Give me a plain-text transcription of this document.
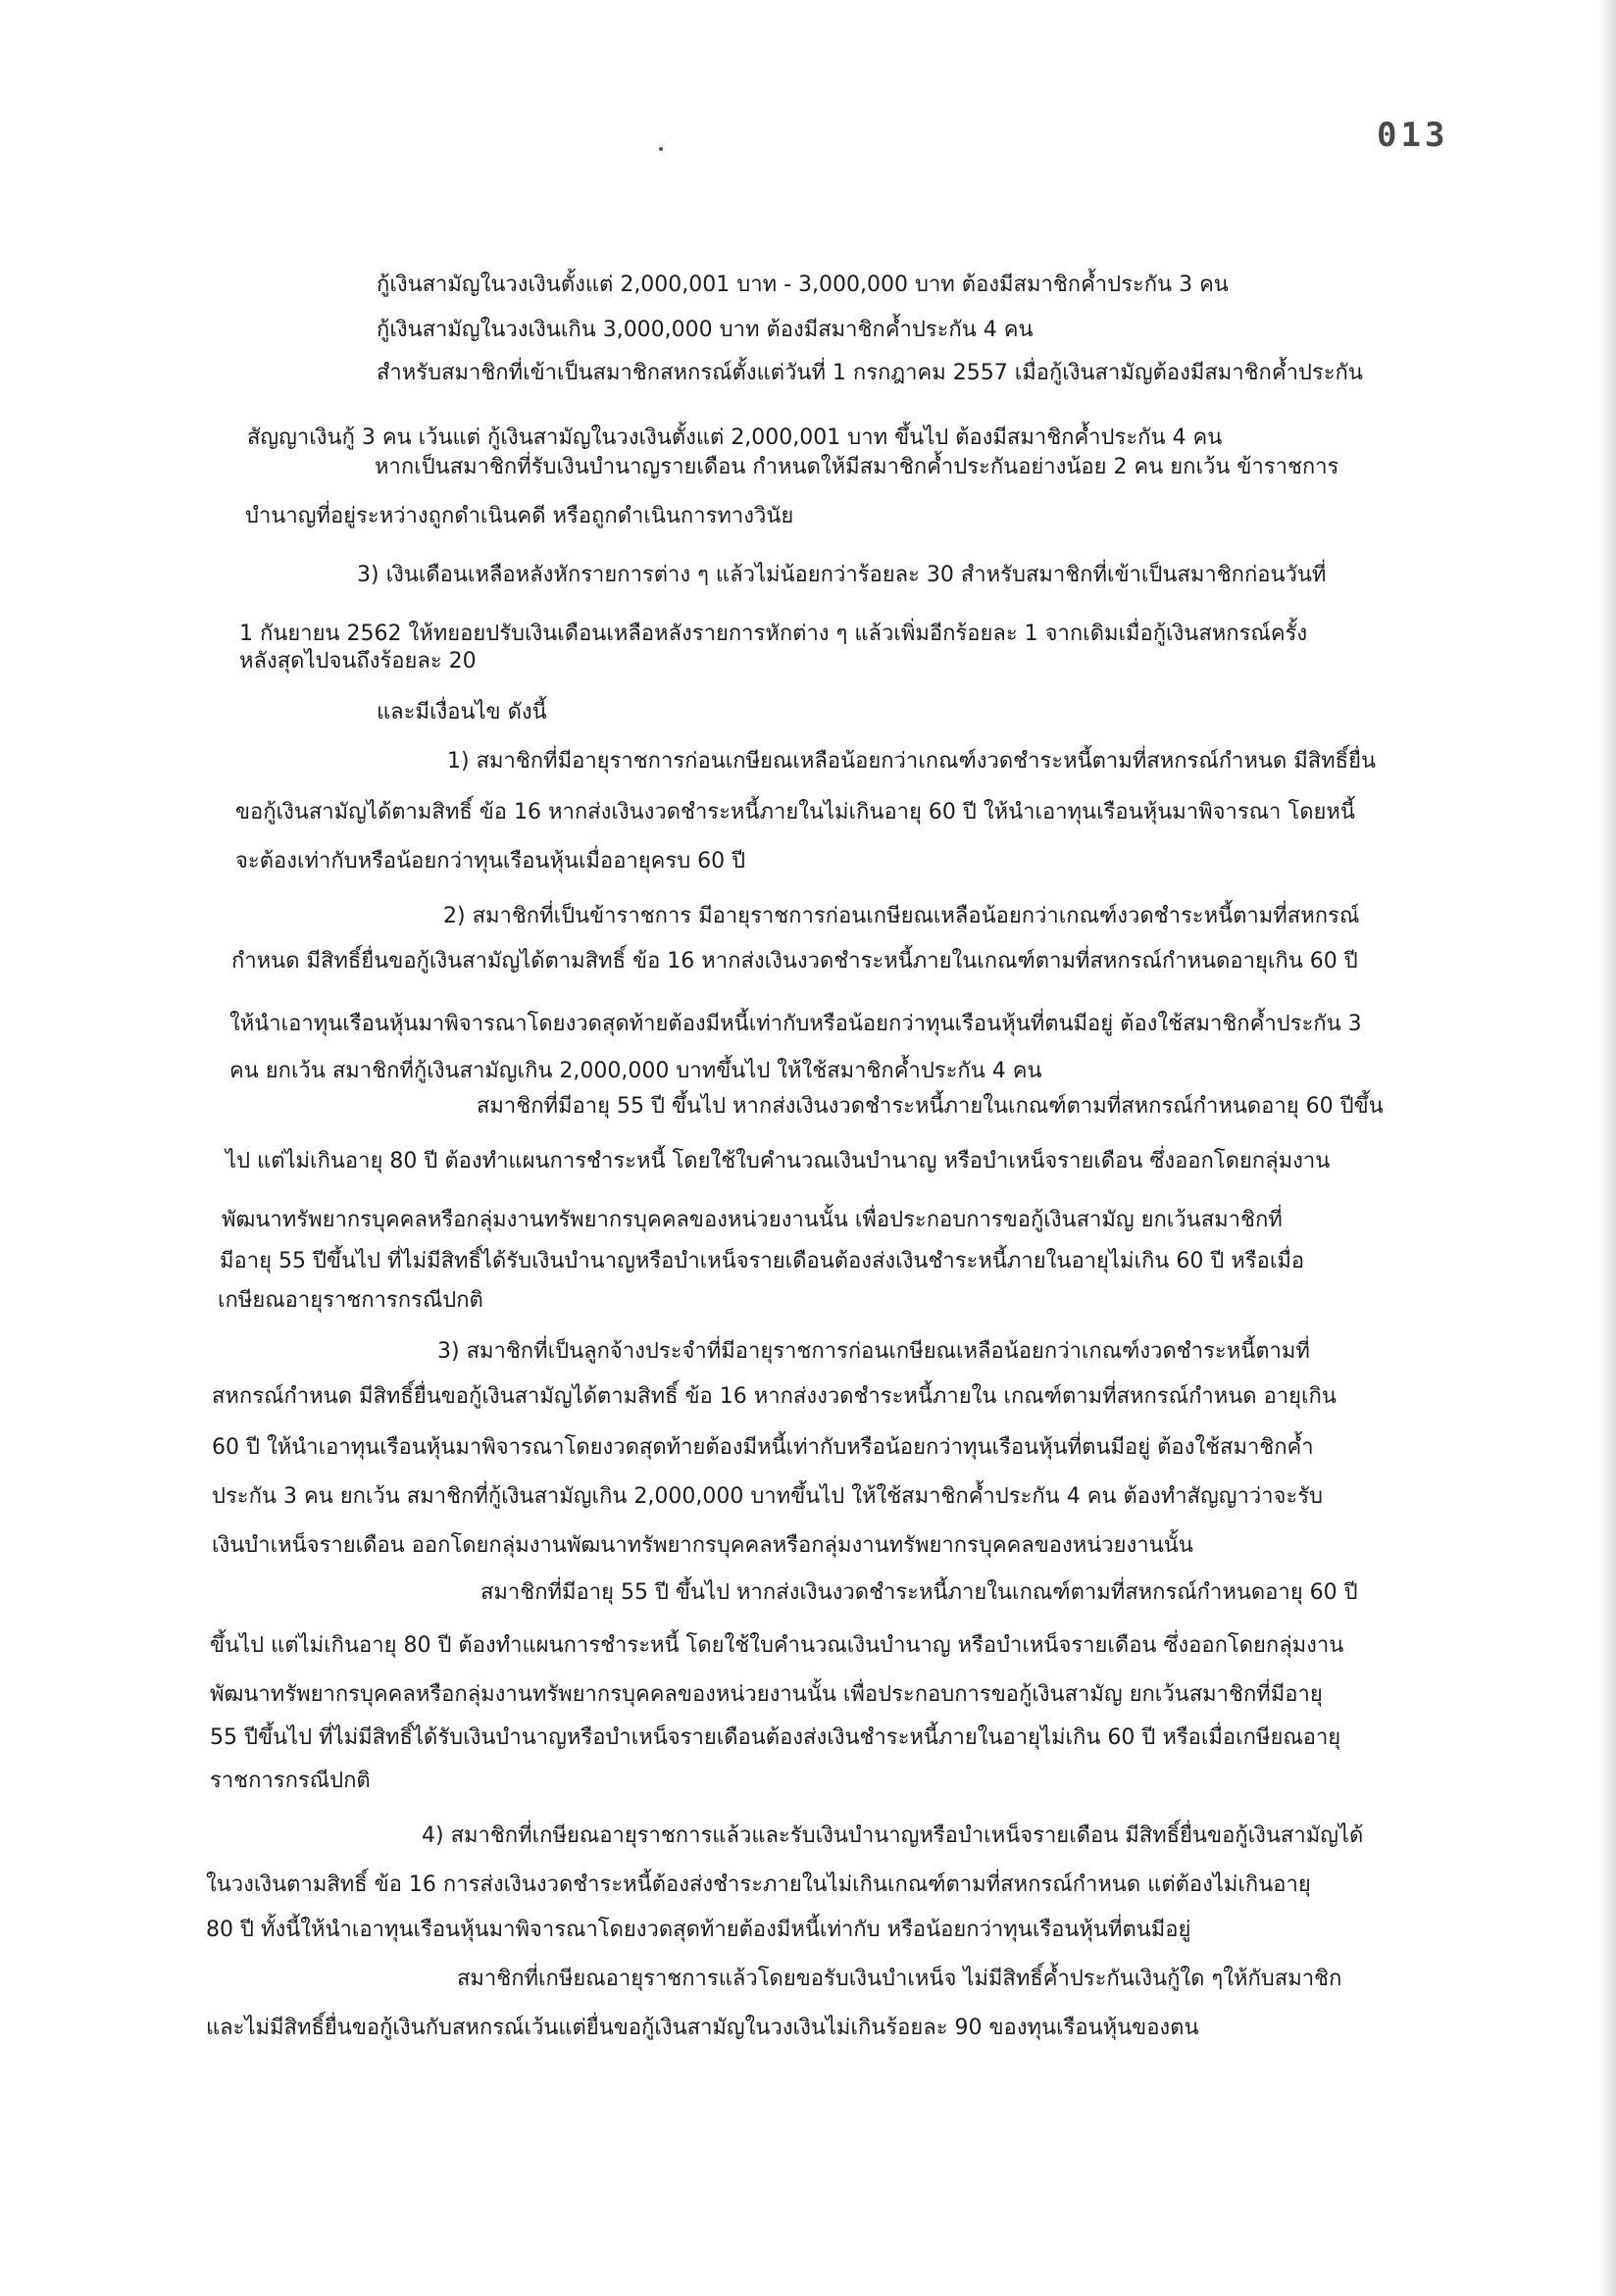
013
กู้เงินสามัญในวงเงินตั้งแต่ 2,000,001 บาท - 3,000,000 บาท ต้องมีสมาชิกค้ำประกัน 3 คน
กู้เงินสามัญในวงเงินเกิน 3,000,000 บาท ต้องมีสมาชิกค้ำประกัน 4 คน
สำหรับสมาชิกที่เข้าเป็นสมาชิกสหกรณ์ตั้งแต่วันที่ 1 กรกฎาคม 2557 เมื่อกู้เงินสามัญต้องมีสมาชิกค้ำประกัน
สัญญาเงินกู้ 3 คน เว้นแต่ กู้เงินสามัญในวงเงินตั้งแต่ 2,000,001 บาท ขึ้นไป ต้องมีสมาชิกค้ำประกัน 4 คน
หากเป็นสมาชิกที่รับเงินบำนาญรายเดือน กำหนดให้มีสมาชิกค้ำประกันอย่างน้อย 2 คน ยกเว้น ข้าราชการ
บำนาญที่อยู่ระหว่างถูกดำเนินคดี หรือถูกดำเนินการทางวินัย
3) เงินเดือนเหลือหลังหักรายการต่าง ๆ แล้วไม่น้อยกว่าร้อยละ 30 สำหรับสมาชิกที่เข้าเป็นสมาชิกก่อนวันที่
1 กันยายน 2562 ให้ทยอยปรับเงินเดือนเหลือหลังรายการหักต่าง ๆ แล้วเพิ่มอีกร้อยละ 1 จากเดิมเมื่อกู้เงินสหกรณ์ครั้ง
หลังสุดไปจนถึงร้อยละ 20
และมีเงื่อนไข ดังนี้
1) สมาชิกที่มีอายุราชการก่อนเกษียณเหลือน้อยกว่าเกณฑ์งวดชำระหนี้ตามที่สหกรณ์กำหนด มีสิทธิ์ยื่น
ขอกู้เงินสามัญได้ตามสิทธิ์ ข้อ 16 หากส่งเงินงวดชำระหนี้ภายในไม่เกินอายุ 60 ปี ให้นำเอาทุนเรือนหุ้นมาพิจารณา โดยหนี้
จะต้องเท่ากับหรือน้อยกว่าทุนเรือนหุ้นเมื่ออายุครบ 60 ปี
2) สมาชิกที่เป็นข้าราชการ มีอายุราชการก่อนเกษียณเหลือน้อยกว่าเกณฑ์งวดชำระหนี้ตามที่สหกรณ์
กำหนด มีสิทธิ์ยื่นขอกู้เงินสามัญได้ตามสิทธิ์ ข้อ 16 หากส่งเงินงวดชำระหนี้ภายในเกณฑ์ตามที่สหกรณ์กำหนดอายุเกิน 60 ปี
ให้นำเอาทุนเรือนหุ้นมาพิจารณาโดยงวดสุดท้ายต้องมีหนี้เท่ากับหรือน้อยกว่าทุนเรือนหุ้นที่ตนมีอยู่ ต้องใช้สมาชิกค้ำประกัน 3
คน ยกเว้น สมาชิกที่กู้เงินสามัญเกิน 2,000,000 บาทขึ้นไป ให้ใช้สมาชิกค้ำประกัน 4 คน
สมาชิกที่มีอายุ 55 ปี ขึ้นไป หากส่งเงินงวดชำระหนี้ภายในเกณฑ์ตามที่สหกรณ์กำหนดอายุ 60 ปีขึ้น
ไป แต่ไม่เกินอายุ 80 ปี ต้องทำแผนการชำระหนี้ โดยใช้ใบคำนวณเงินบำนาญ หรือบำเหน็จรายเดือน ซึ่งออกโดยกลุ่มงาน
พัฒนาทรัพยากรบุคคลหรือกลุ่มงานทรัพยากรบุคคลของหน่วยงานนั้น เพื่อประกอบการขอกู้เงินสามัญ ยกเว้นสมาชิกที่
มีอายุ 55 ปีขึ้นไป ที่ไม่มีสิทธิ์ได้รับเงินบำนาญหรือบำเหน็จรายเดือนต้องส่งเงินชำระหนี้ภายในอายุไม่เกิน 60 ปี หรือเมื่อ
เกษียณอายุราชการกรณีปกติ
3) สมาชิกที่เป็นลูกจ้างประจำที่มีอายุราชการก่อนเกษียณเหลือน้อยกว่าเกณฑ์งวดชำระหนี้ตามที่
สหกรณ์กำหนด มีสิทธิ์ยื่นขอกู้เงินสามัญได้ตามสิทธิ์ ข้อ 16 หากส่งงวดชำระหนี้ภายใน เกณฑ์ตามที่สหกรณ์กำหนด อายุเกิน
60 ปี ให้นำเอาทุนเรือนหุ้นมาพิจารณาโดยงวดสุดท้ายต้องมีหนี้เท่ากับหรือน้อยกว่าทุนเรือนหุ้นที่ตนมีอยู่ ต้องใช้สมาชิกค้ำ
ประกัน 3 คน ยกเว้น สมาชิกที่กู้เงินสามัญเกิน 2,000,000 บาทขึ้นไป ให้ใช้สมาชิกค้ำประกัน 4 คน ต้องทำสัญญาว่าจะรับ
เงินบำเหน็จรายเดือน ออกโดยกลุ่มงานพัฒนาทรัพยากรบุคคลหรือกลุ่มงานทรัพยากรบุคคลของหน่วยงานนั้น
สมาชิกที่มีอายุ 55 ปี ขึ้นไป หากส่งเงินงวดชำระหนี้ภายในเกณฑ์ตามที่สหกรณ์กำหนดอายุ 60 ปี
ขึ้นไป แต่ไม่เกินอายุ 80 ปี ต้องทำแผนการชำระหนี้ โดยใช้ใบคำนวณเงินบำนาญ หรือบำเหน็จรายเดือน ซึ่งออกโดยกลุ่มงาน
พัฒนาทรัพยากรบุคคลหรือกลุ่มงานทรัพยากรบุคคลของหน่วยงานนั้น เพื่อประกอบการขอกู้เงินสามัญ ยกเว้นสมาชิกที่มีอายุ
55 ปีขึ้นไป ที่ไม่มีสิทธิ์ได้รับเงินบำนาญหรือบำเหน็จรายเดือนต้องส่งเงินชำระหนี้ภายในอายุไม่เกิน 60 ปี หรือเมื่อเกษียณอายุ
ราชการกรณีปกติ
4) สมาชิกที่เกษียณอายุราชการแล้วและรับเงินบำนาญหรือบำเหน็จรายเดือน มีสิทธิ์ยื่นขอกู้เงินสามัญได้
ในวงเงินตามสิทธิ์ ข้อ 16 การส่งเงินงวดชำระหนี้ต้องส่งชำระภายในไม่เกินเกณฑ์ตามที่สหกรณ์กำหนด แต่ต้องไม่เกินอายุ
80 ปี ทั้งนี้ให้นำเอาทุนเรือนหุ้นมาพิจารณาโดยงวดสุดท้ายต้องมีหนี้เท่ากับ หรือน้อยกว่าทุนเรือนหุ้นที่ตนมีอยู่
สมาชิกที่เกษียณอายุราชการแล้วโดยขอรับเงินบำเหน็จ ไม่มีสิทธิ์ค้ำประกันเงินกู้ใด ๆให้กับสมาชิก
และไม่มีสิทธิ์ยื่นขอกู้เงินกับสหกรณ์เว้นแต่ยื่นขอกู้เงินสามัญในวงเงินไม่เกินร้อยละ 90 ของทุนเรือนหุ้นของตน
